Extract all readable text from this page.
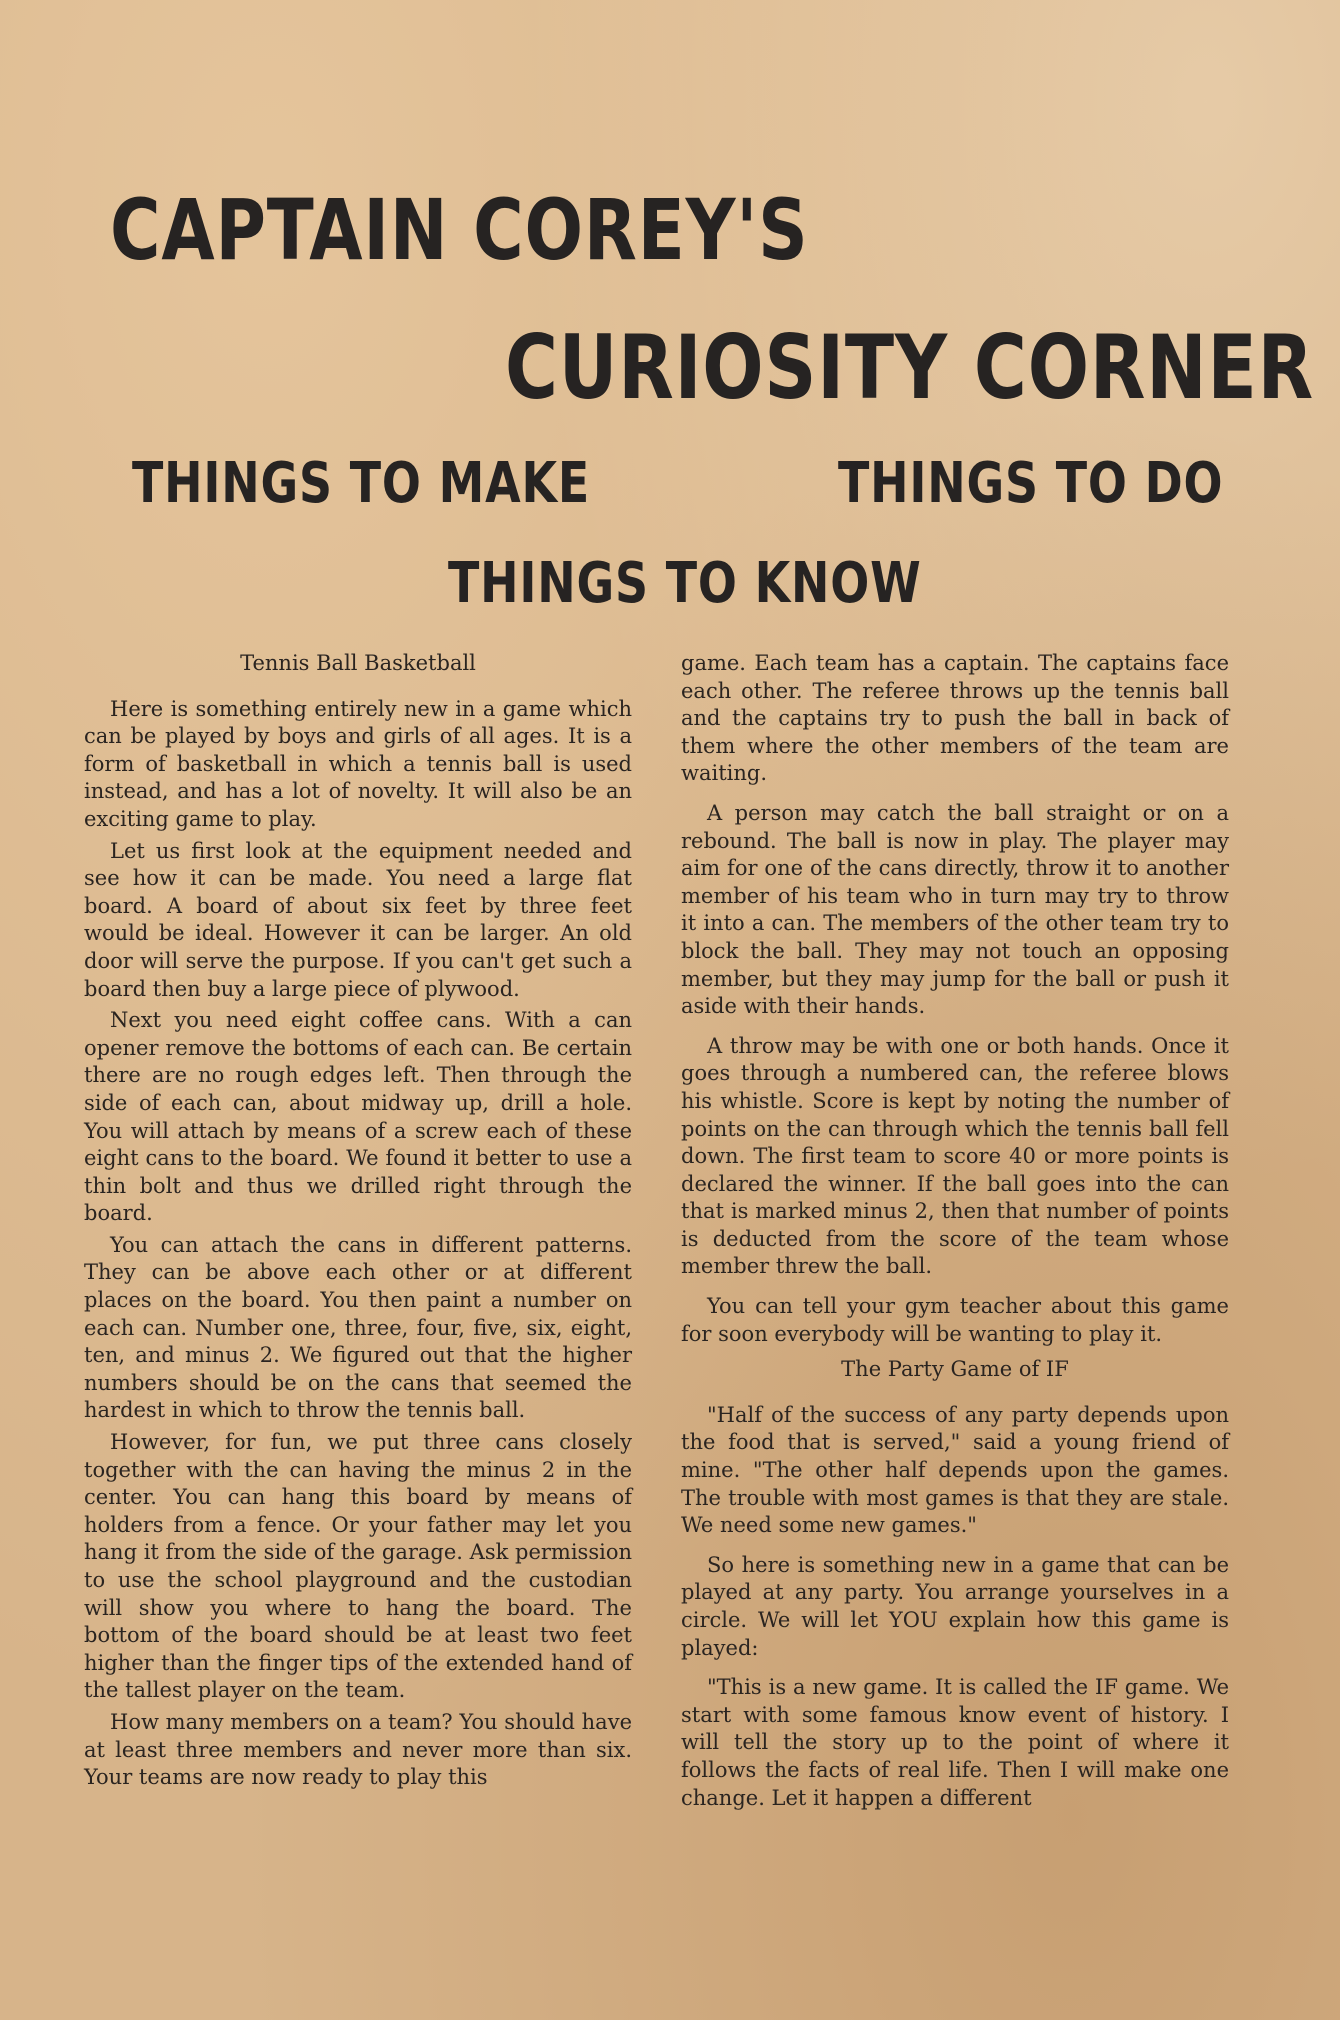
CAPTAIN COREY'S
CURIOSITY CORNER
THINGS TO MAKE	THINGS TO DO
THINGS TO KNOW
Tennis Ball Basketball

Here is something entirely new in a game which can be played by boys and girls of all ages. It is a form of basketball in which a tennis ball is used instead, and has a lot of novelty. It will also be an exciting game to play.

Let us first look at the equipment needed and see how it can be made. You need a large flat board. A board of about six feet by three feet would be ideal. However it can be larger. An old door will serve the purpose. If you can't get such a board then buy a large piece of plywood.

Next you need eight coffee cans. With a can opener remove the bottoms of each can. Be certain there are no rough edges left. Then through the side of each can, about midway up, drill a hole. You will attach by means of a screw each of these eight cans to the board. We found it better to use a thin bolt and thus we drilled right through the board.

You can attach the cans in different patterns. They can be above each other or at different places on the board. You then paint a number on each can. Number one, three, four, five, six, eight, ten, and minus 2. We figured out that the higher numbers should be on the cans that seemed the hardest in which to throw the tennis ball.

However, for fun, we put three cans closely together with the can having the minus 2 in the center. You can hang this board by means of holders from a fence. Or your father may let you hang it from the side of the garage. Ask permission to use the school playground and the custodian will show you where to hang the board. The bottom of the board should be at least two feet higher than the finger tips of the extended hand of the tallest player on the team.

How many members on a team? You should have at least three members and never more than six. Your teams are now ready to play this

game. Each team has a captain. The captains face each other. The referee throws up the tennis ball and the captains try to push the ball in back of them where the other members of the team are waiting.

A person may catch the ball straight or on a rebound. The ball is now in play. The player may aim for one of the cans directly, throw it to another member of his team who in turn may try to throw it into a can. The members of the other team try to block the ball. They may not touch an opposing member, but they may jump for the ball or push it aside with their hands.

A throw may be with one or both hands. Once it goes through a numbered can, the referee blows his whistle. Score is kept by noting the number of points on the can through which the tennis ball fell down. The first team to score 40 or more points is declared the winner. If the ball goes into the can that is marked minus 2, then that number of points is deducted from the score of the team whose member threw the ball.

You can tell your gym teacher about this game for soon everybody will be wanting to play it.

The Party Game of IF

"Half of the success of any party depends upon the food that is served," said a young friend of mine. "The other half depends upon the games. The trouble with most games is that they are stale. We need some new games."

So here is something new in a game that can be played at any party. You arrange yourselves in a circle. We will let YOU explain how this game is played:

"This is a new game. It is called the IF game. We start with some famous know event of history. I will tell the story up to the point of where it follows the facts of real life. Then I will make one change. Let it happen a different
